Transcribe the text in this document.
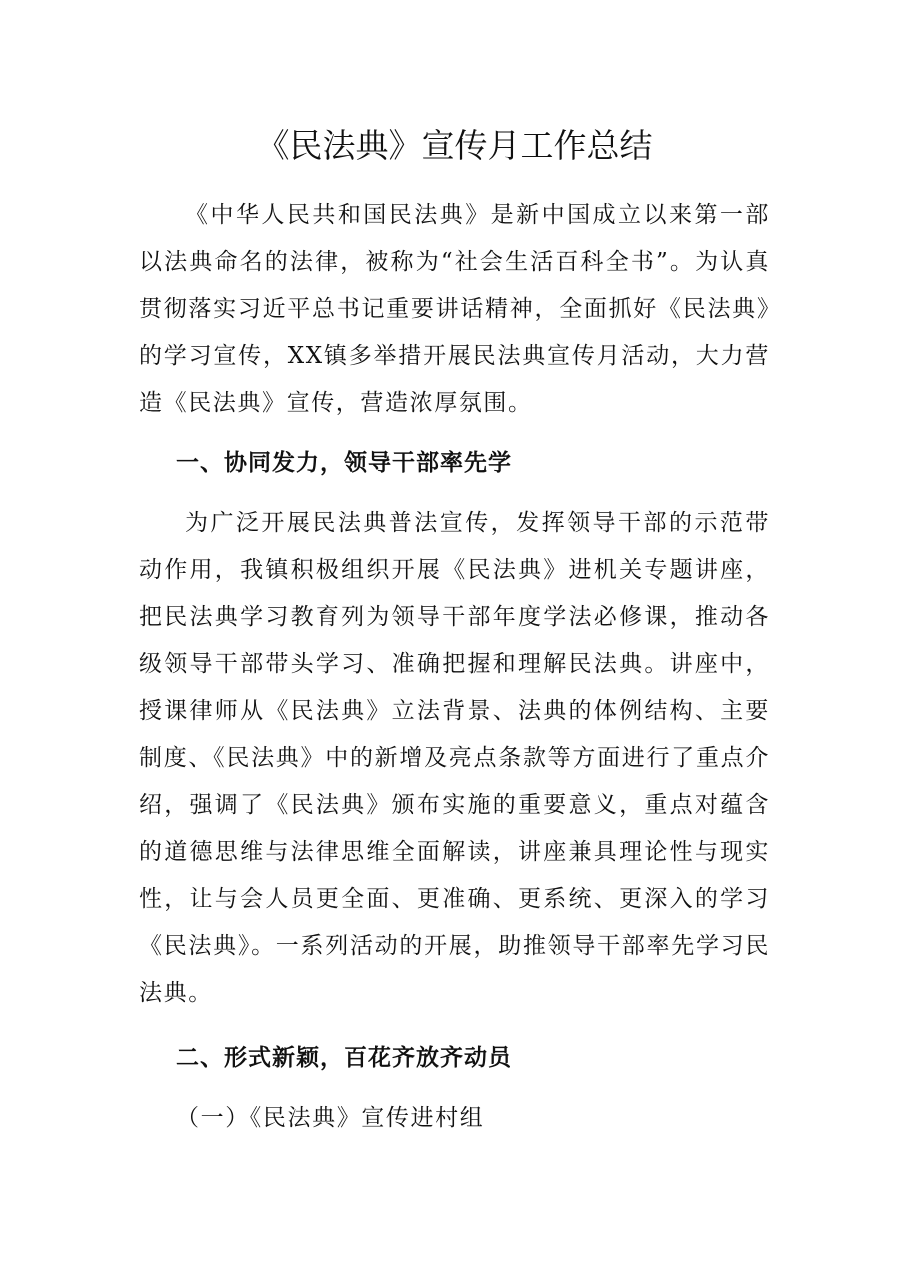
《民法典》宣传月工作总结

《中华人民共和国民法典》是新中国成立以来第一部以法典命名的法律，被称为“社会生活百科全书”。为认真贯彻落实习近平总书记重要讲话精神，全面抓好《民法典》的学习宣传，XX镇多举措开展民法典宣传月活动，大力营造《民法典》宣传，营造浓厚氛围。

一、协同发力，领导干部率先学

为广泛开展民法典普法宣传，发挥领导干部的示范带动作用，我镇积极组织开展《民法典》进机关专题讲座，把民法典学习教育列为领导干部年度学法必修课，推动各级领导干部带头学习、准确把握和理解民法典。讲座中，授课律师从《民法典》立法背景、法典的体例结构、主要制度、《民法典》中的新增及亮点条款等方面进行了重点介绍，强调了《民法典》颁布实施的重要意义，重点对蕴含的道德思维与法律思维全面解读，讲座兼具理论性与现实性，让与会人员更全面、更准确、更系统、更深入的学习《民法典》。一系列活动的开展，助推领导干部率先学习民法典。

二、形式新颖，百花齐放齐动员

（一）《民法典》宣传进村组
